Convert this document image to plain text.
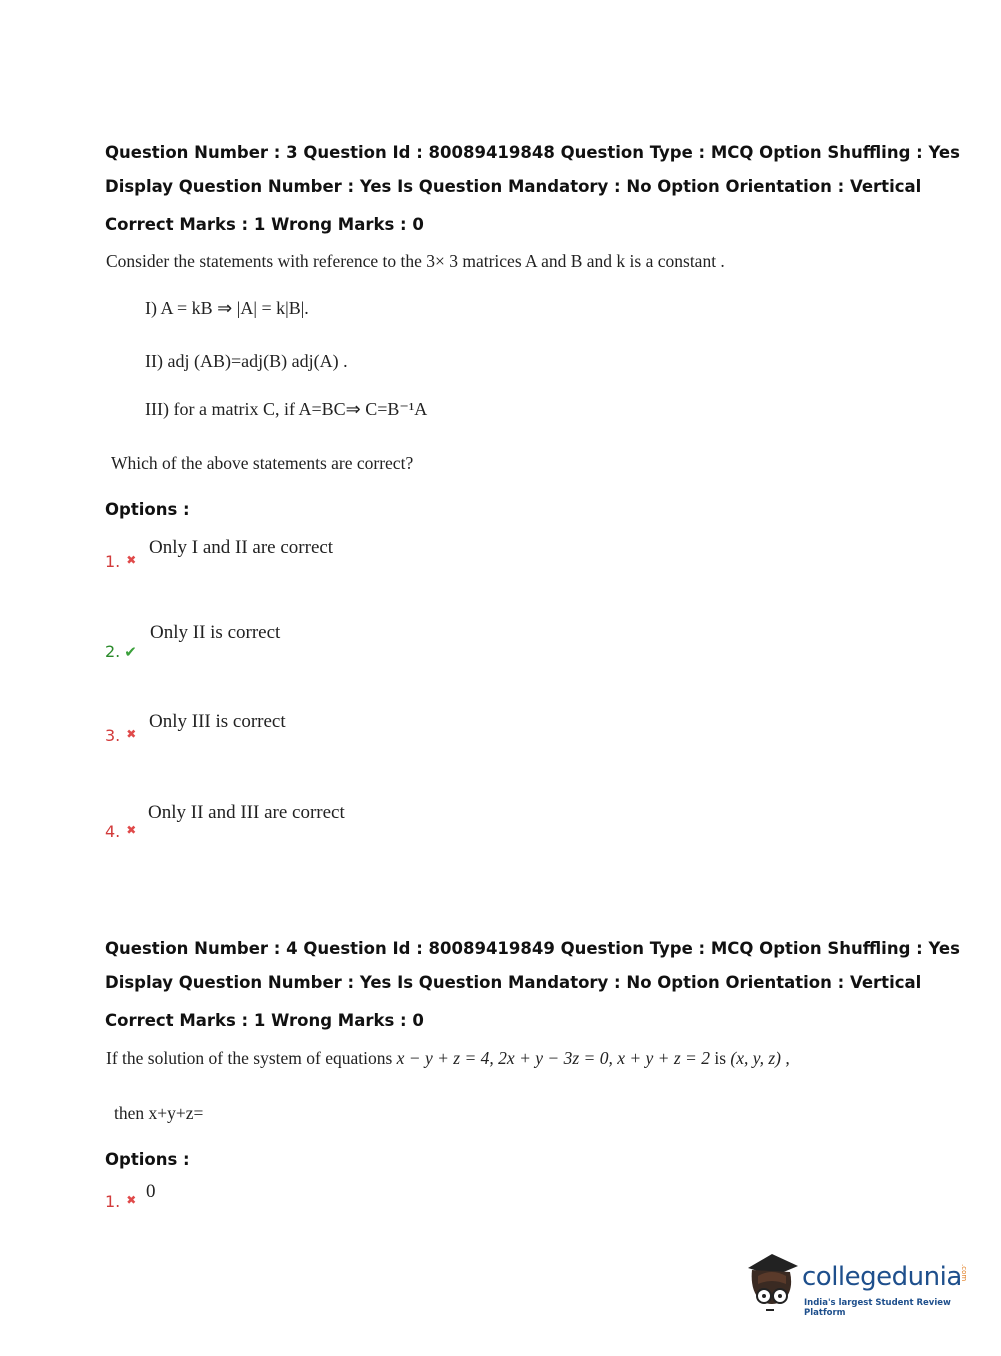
Question Number : 3 Question Id : 80089419848 Question Type : MCQ Option Shuffling : Yes
Display Question Number : Yes Is Question Mandatory : No Option Orientation : Vertical
Correct Marks : 1 Wrong Marks : 0
Consider the statements with reference to the 3× 3 matrices A and B and k is a constant .
I) A = kB ⇒ |A| = k|B|.
II) adj (AB)=adj(B) adj(A) .
III) for a matrix C, if A=BC⇒ C=B⁻¹A
Which of the above statements are correct?
Options :
1. ✖
Only I and II are correct
2. ✔
Only II is correct
3. ✖
Only III is correct
4. ✖
Only II and III are correct
Question Number : 4 Question Id : 80089419849 Question Type : MCQ Option Shuffling : Yes
Display Question Number : Yes Is Question Mandatory : No Option Orientation : Vertical
Correct Marks : 1 Wrong Marks : 0
If the solution of the system of equations x − y + z = 4, 2x + y − 3z = 0, x + y + z = 2 is (x, y, z) ,
then x+y+z=
Options :
1. ✖ 0
collegedunia
.com
India's largest Student Review Platform
